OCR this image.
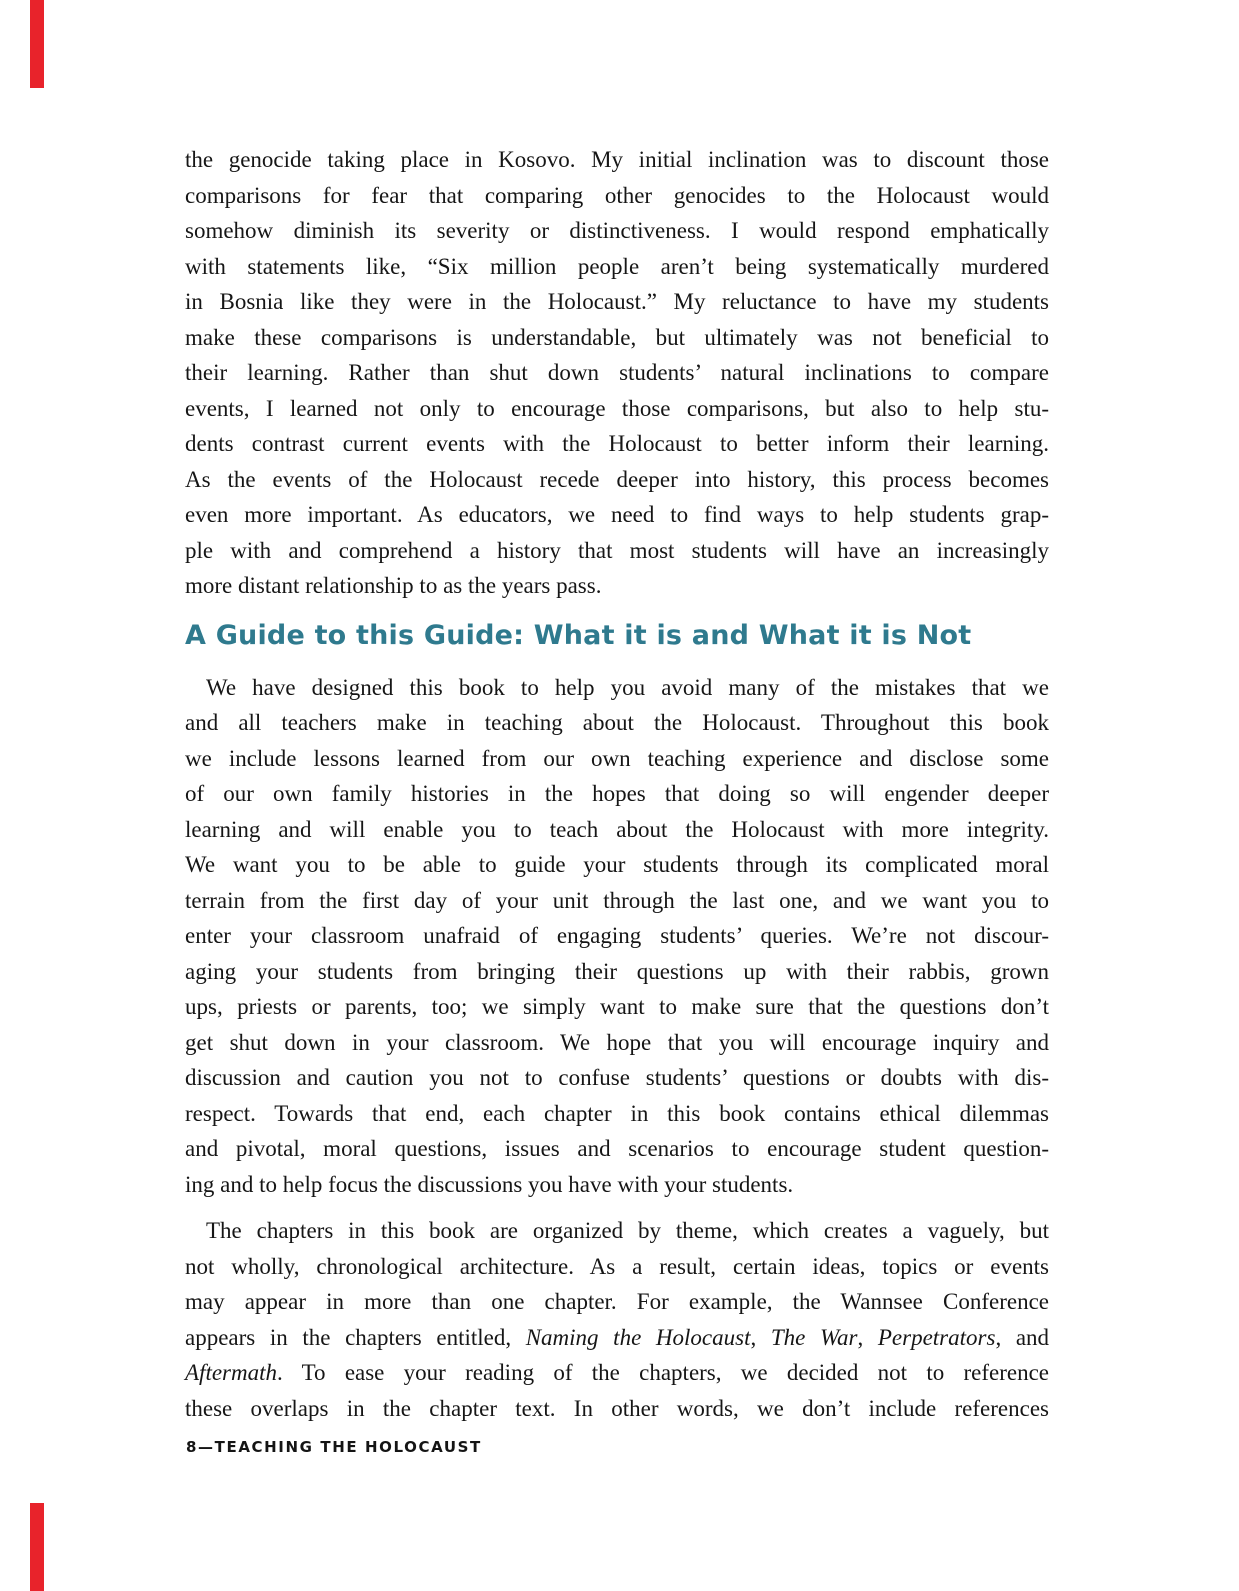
the genocide taking place in Kosovo. My initial inclination was to discount those
comparisons for fear that comparing other genocides to the Holocaust would
somehow diminish its severity or distinctiveness. I would respond emphatically
with statements like, “Six million people aren’t being systematically murdered
in Bosnia like they were in the Holocaust.” My reluctance to have my students
make these comparisons is understandable, but ultimately was not beneficial to
their learning. Rather than shut down students’ natural inclinations to compare
events, I learned not only to encourage those comparisons, but also to help stu-
dents contrast current events with the Holocaust to better inform their learning.
As the events of the Holocaust recede deeper into history, this process becomes
even more important. As educators, we need to find ways to help students grap-
ple with and comprehend a history that most students will have an increasingly
more distant relationship to as the years pass.
A Guide to this Guide: What it is and What it is Not
We have designed this book to help you avoid many of the mistakes that we
and all teachers make in teaching about the Holocaust. Throughout this book
we include lessons learned from our own teaching experience and disclose some
of our own family histories in the hopes that doing so will engender deeper
learning and will enable you to teach about the Holocaust with more integrity.
We want you to be able to guide your students through its complicated moral
terrain from the first day of your unit through the last one, and we want you to
enter your classroom unafraid of engaging students’ queries. We’re not discour-
aging your students from bringing their questions up with their rabbis, grown
ups, priests or parents, too; we simply want to make sure that the questions don’t
get shut down in your classroom. We hope that you will encourage inquiry and
discussion and caution you not to confuse students’ questions or doubts with dis-
respect. Towards that end, each chapter in this book contains ethical dilemmas
and pivotal, moral questions, issues and scenarios to encourage student question-
ing and to help focus the discussions you have with your students.
The chapters in this book are organized by theme, which creates a vaguely, but
not wholly, chronological architecture. As a result, certain ideas, topics or events
may appear in more than one chapter. For example, the Wannsee Conference
appears in the chapters entitled, Naming the Holocaust, The War, Perpetrators, and
Aftermath. To ease your reading of the chapters, we decided not to reference
these overlaps in the chapter text. In other words, we don’t include references
8—TEACHING THE HOLOCAUST
